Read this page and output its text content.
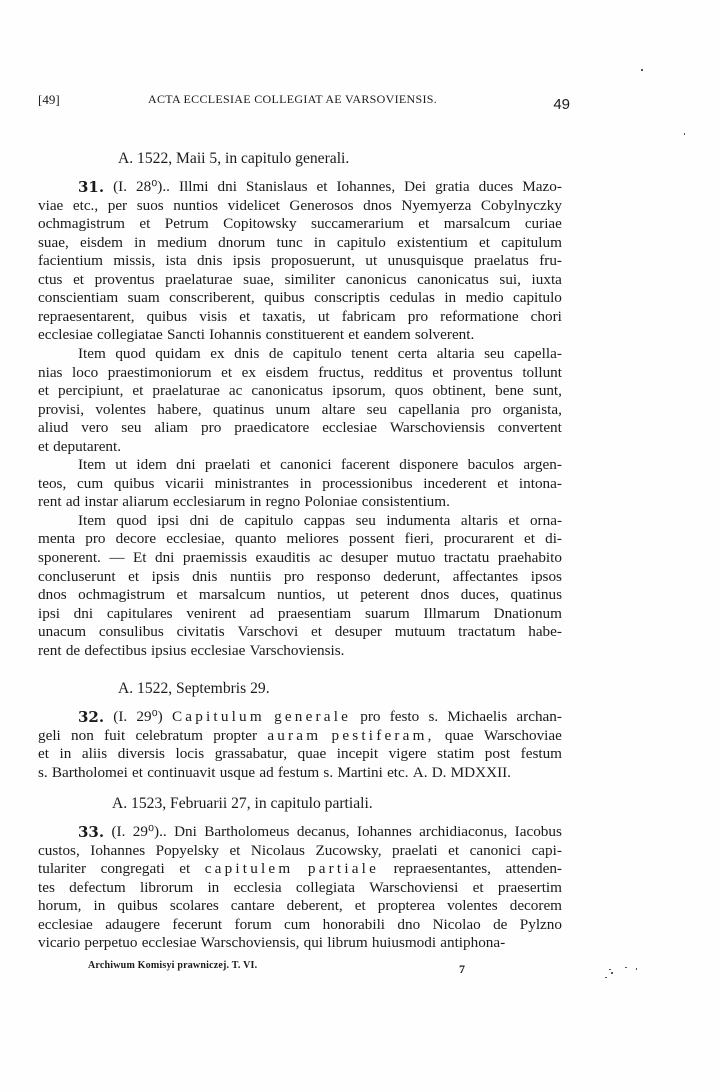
[49]	ACTA ECCLESIAE COLLEGIAT AE VARSOVIENSIS.	49
A. 1522, Maii 5, in capitulo generali.
31. (I. 28⁰).. Illmi dni Stanislaus et Iohannes, Dei gratia duces Mazo-
viae etc., per suos nuntios videlicet Generosos dnos Nyemyerza Cobylnyczky
ochmagistrum et Petrum Copitowsky succamerarium et marsalcum curiae
suae, eisdem in medium dnorum tunc in capitulo existentium et capitulum
facientium missis, ista dnis ipsis proposuerunt, ut unusquisque praelatus fru-
ctus et proventus praelaturae suae, similiter canonicus canonicatus sui, iuxta
conscientiam suam conscriberent, quibus conscriptis cedulas in medio capitulo
repraesentarent, quibus visis et taxatis, ut fabricam pro reformatione chori
ecclesiae collegiatae Sancti Iohannis constituerent et eandem solverent.
Item quod quidam ex dnis de capitulo tenent certa altaria seu capella-
nias loco praestimoniorum et ex eisdem fructus, redditus et proventus tollunt
et percipiunt, et praelaturae ac canonicatus ipsorum, quos obtinent, bene sunt,
provisi, volentes habere, quatinus unum altare seu capellania pro organista,
aliud vero seu aliam pro praedicatore ecclesiae Warschoviensis convertent
et deputarent.
Item ut idem dni praelati et canonici facerent disponere baculos argen-
teos, cum quibus vicarii ministrantes in processionibus incederent et intona-
rent ad instar aliarum ecclesiarum in regno Poloniae consistentium.
Item quod ipsi dni de capitulo cappas seu indumenta altaris et orna-
menta pro decore ecclesiae, quanto meliores possent fieri, procurarent et di-
sponerent. — Et dni praemissis exauditis ac desuper mutuo tractatu praehabito
concluserunt et ipsis dnis nuntiis pro responso dederunt, affectantes ipsos
dnos ochmagistrum et marsalcum nuntios, ut peterent dnos duces, quatinus
ipsi dni capitulares venirent ad praesentiam suarum Illmarum Dnationum
unacum consulibus civitatis Varschovi et desuper mutuum tractatum habe-
rent de defectibus ipsius ecclesiae Varschoviensis.
A. 1522, Septembris 29.
32. (I. 29⁰) Capitulum generale pro festo s. Michaelis archan-
geli non fuit celebratum propter auram pestiferam, quae Warschoviae
et in aliis diversis locis grassabatur, quae incepit vigere statim post festum
s. Bartholomei et continuavit usque ad festum s. Martini etc. A. D. MDXXII.
A. 1523, Februarii 27, in capitulo partiali.
33. (I. 29⁰).. Dni Bartholomeus decanus, Iohannes archidiaconus, Iacobus
custos, Iohannes Popyelsky et Nicolaus Zucowsky, praelati et canonici capi-
tulariter congregati et capitulem partiale repraesentantes, attenden-
tes defectum librorum in ecclesia collegiata Warschoviensi et praesertim
horum, in quibus scolares cantare deberent, et propterea volentes decorem
ecclesiae adaugere fecerunt forum cum honorabili dno Nicolao de Pylzno
vicario perpetuo ecclesiae Warschoviensis, qui librum huiusmodi antiphona-
Archiwum Komisyi prawniczej. T. VI.	7
